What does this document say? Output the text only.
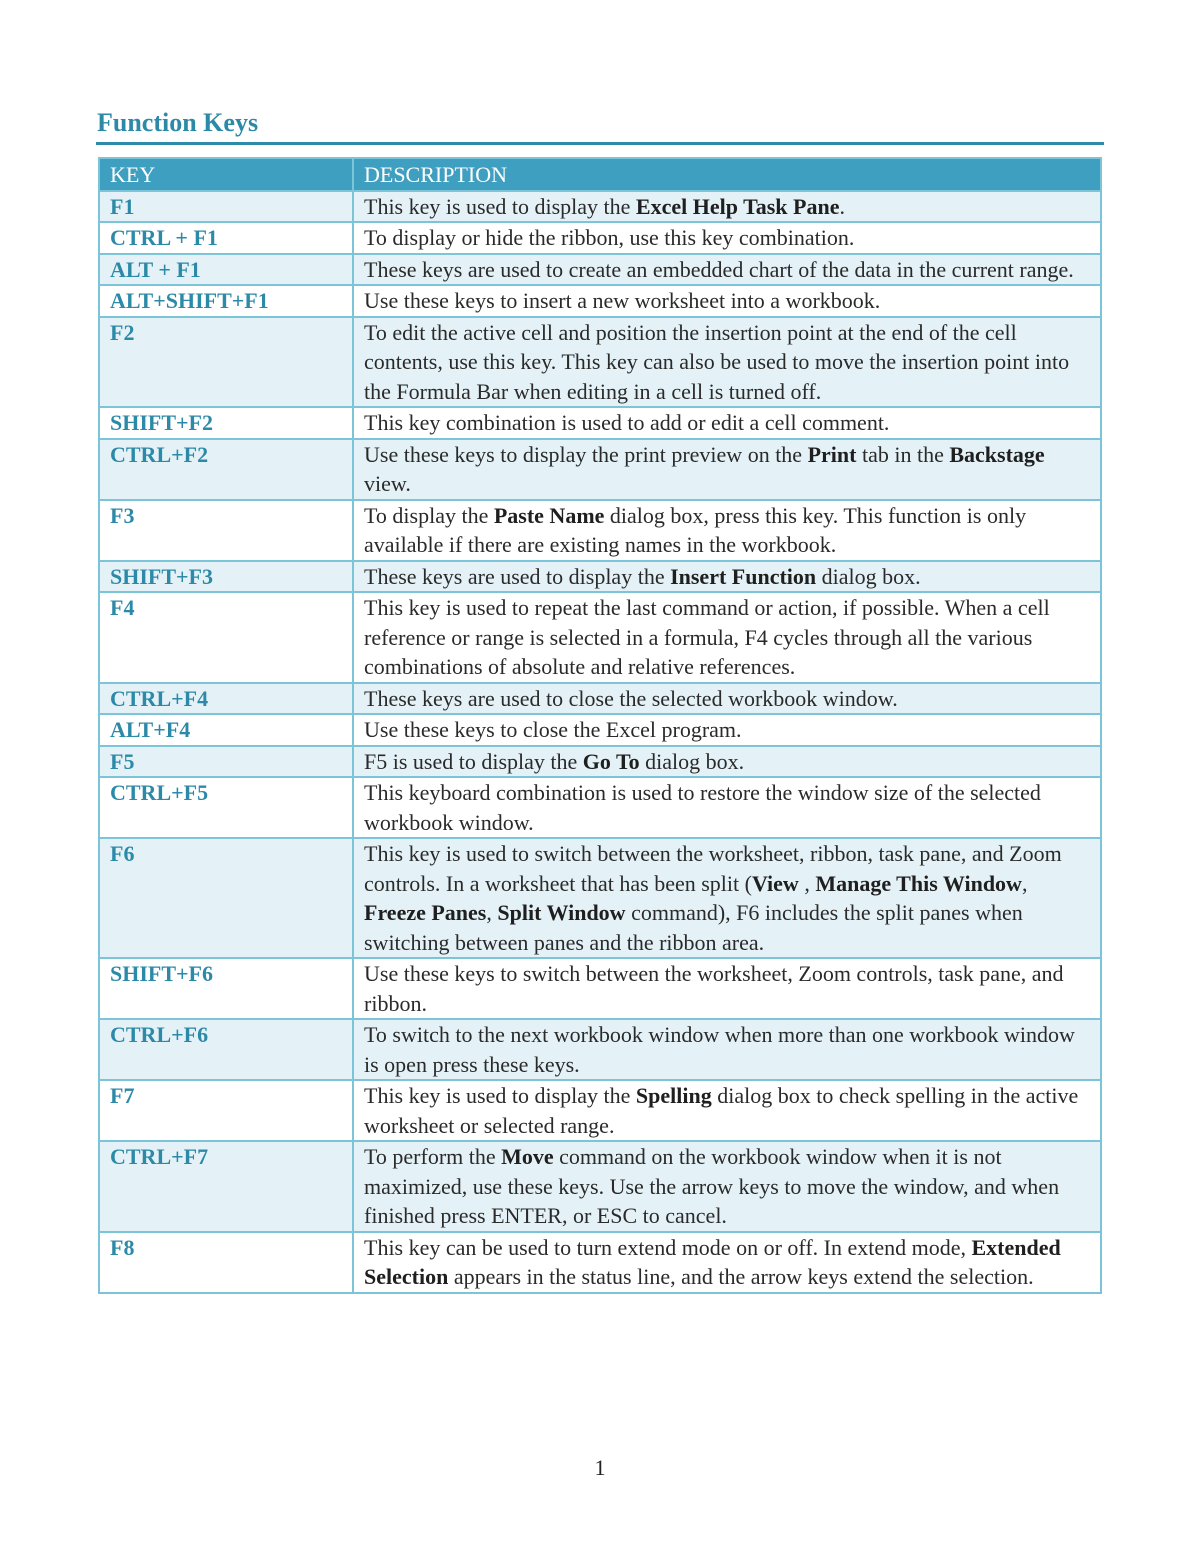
Function Keys
KEY	DESCRIPTION
F1	This key is used to display the Excel Help Task Pane.
CTRL + F1	To display or hide the ribbon, use this key combination.
ALT + F1	These keys are used to create an embedded chart of the data in the current range.
ALT+SHIFT+F1	Use these keys to insert a new worksheet into a workbook.
F2	To edit the active cell and position the insertion point at the end of the cell contents, use this key. This key can also be used to move the insertion point into the Formula Bar when editing in a cell is turned off.
SHIFT+F2	This key combination is used to add or edit a cell comment.
CTRL+F2	Use these keys to display the print preview on the Print tab in the Backstage view.
F3	To display the Paste Name dialog box, press this key. This function is only available if there are existing names in the workbook.
SHIFT+F3	These keys are used to display the Insert Function dialog box.
F4	This key is used to repeat the last command or action, if possible. When a cell reference or range is selected in a formula, F4 cycles through all the various combinations of absolute and relative references.
CTRL+F4	These keys are used to close the selected workbook window.
ALT+F4	Use these keys to close the Excel program.
F5	F5 is used to display the Go To dialog box.
CTRL+F5	This keyboard combination is used to restore the window size of the selected workbook window.
F6	This key is used to switch between the worksheet, ribbon, task pane, and Zoom controls. In a worksheet that has been split (View , Manage This Window, Freeze Panes, Split Window command), F6 includes the split panes when switching between panes and the ribbon area.
SHIFT+F6	Use these keys to switch between the worksheet, Zoom controls, task pane, and ribbon.
CTRL+F6	To switch to the next workbook window when more than one workbook window is open press these keys.
F7	This key is used to display the Spelling dialog box to check spelling in the active worksheet or selected range.
CTRL+F7	To perform the Move command on the workbook window when it is not maximized, use these keys. Use the arrow keys to move the window, and when finished press ENTER, or ESC to cancel.
F8	This key can be used to turn extend mode on or off. In extend mode, Extended Selection appears in the status line, and the arrow keys extend the selection.
1
